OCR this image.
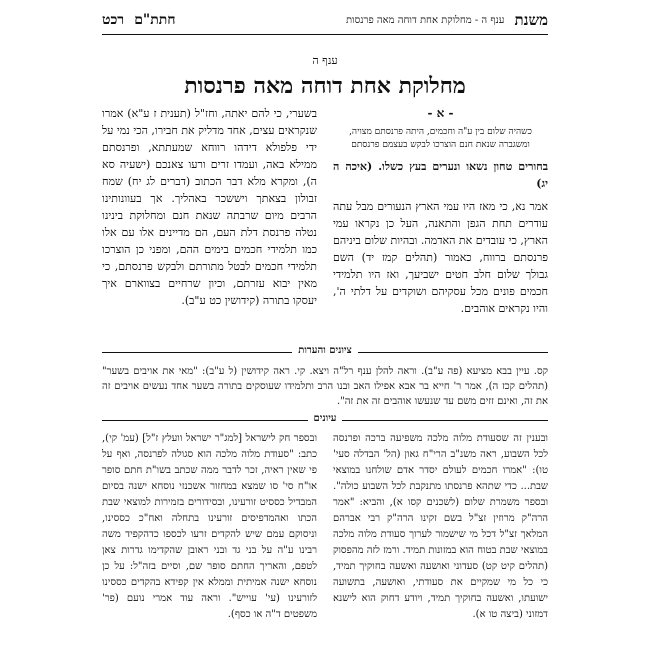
משנת
ענף ה - מחלוקת אחת דוחה מאה פרנסות
חתת"ם
רכט
ענף ה
מחלוקת אחת דוחה מאה פרנסות
- א -
כשהיה שלום בין ע"ה וחכמים, היתה פרנסתם מצויה, ומשגברה שנאת חנם הוצרכו לבקש בעצמם פרנסתם
בחורים טחון נשאו ונערים בעץ כשלו. (איכה ה יג)
אמר נא, כי מאז היו עמי הארץ הנעורים מבל עתה עודרים תחת הגפן והתאנה, העל כן נקראו עמי הארץ, כי עובדים את האדמה. ובהיות שלום ביניהם פרנסתם ברווח, כאמור (תהלים קמז יד) השם גבולך שלום חלב חטים ישביעך, ואז היו תלמידי חכמים פונים מכל עסקיהם ושוקדים על דלתי ה', והיו נקראים אוהבים.
בשערי, כי להם יאתה, וחז"ל (תענית ז ע"א) אמרו שנקראים עצים, אחד מדליק את חבירו, הכי נמי על ידי פלפולא דידהו רווחא שמעתתא, ופרנסתם ממילא באה, ועמדו זרים ורעו צאנכם (ישעיה סא ה), ומקרא מלא דבר הכתוב (דברים לג יח) שמח זבולון בצאתך ויששכר באהליך. אך בעוונותינו הרבים מיום שרבתה שנאת חנם ומחלוקת בינינו נטלה פרנסת דלת העם, הם מדיינים אלו עם אלו כמו תלמידי חכמים בימים ההם, ומפני כן הוצרכו תלמידי חכמים לבטל מתורתם ולבקש פרנסתם, כי מאין יבוא עזרתם, וכיון שרחיים בצווארם איך יעסקו בתורה (קידושין כט ע"ב).
ציונים והערות
קס. עיין בבא מציעא (פה ע"ב). וראה להלן ענף רל"ה ויצא. קי. ראה קידושין (ל ע"ב): "מאי את אויבים בשער" (תהלים קכז ה), אמר ר' חייא בר אבא אפילו האב ובנו הרב ותלמידו שעוסקים בתורה בשער אחד נעשים אויבים זה את זה, ואינם זזים משם עד שנעשו אוהבים זה את זה".
עיונים
ובענין זה שסעודת מלוה מלכה משפיעה ברכה ופרנסה לכל השבוע, ראה משנ"ב הרי"ח גאון (הל' הבדלה סעי' טו): "אמרו חכמים לעולם יסדר אדם שולחנו במוצאי שבת... כדי שתהא פרנסתו מתנקבת לכל השבוע כולה". ובספר משמרת שלום (לשכנים קסו א), והביא: "אמר הרה"ק מרוזין זצ"ל בשם זקינו הרה"ק רבי אברהם המלאך זצ"ל דכל מי שישמור לערוך סעודת מלוה מלכה במוצאי שבת בטוח הוא במזונות תמיד. ורמז לזה מהפסוק (תהלים קיט קט) סעדוני ואושעה ואשעה בחוקיך תמיד, כי כל מי שמקיים את סעודתי, ואושעה, בתשועה ישועתו, ואשעה בחוקיך תמיד, ויודע דחוק הוא לישנא דמזוני (ביצה טו א).
ובספר חק לישראל [למג"ר ישראל וועלץ ז"ל] (עמ' קי), כתב: "סעודת מלוה מלכה הוא סגולה לפרנסה, ואף על פי שאין ראיה, זכר לדבר ממה שכתב בשו"ת חתם סופר או"ח סי' סו שמצא במחזור אשכנזי נוסחא ישנה בסיום המבדיל כססיט זורעינו, ובסידורים בזמירות למוצאי שבת הכתו ואהמדפיסים זורעינו בתחלה ואח"כ כססינו, וניסוקם עמם שיש להקדים זרעו לכספו כדהקפיד משה רבינו ע"ה על בני גד ובני ראובן שהקדימו גדרות צאן לטפם, והאריך החתם סופר שם, וסיים בזה"ל: על כן נוסחא ישנה אמיתית וממלא אין קפידא בהקדים כססינו לזורעינו (עי' עוייש". וראה עוד אמרי נועם (פר' משפטים ד"ה או כסף).
